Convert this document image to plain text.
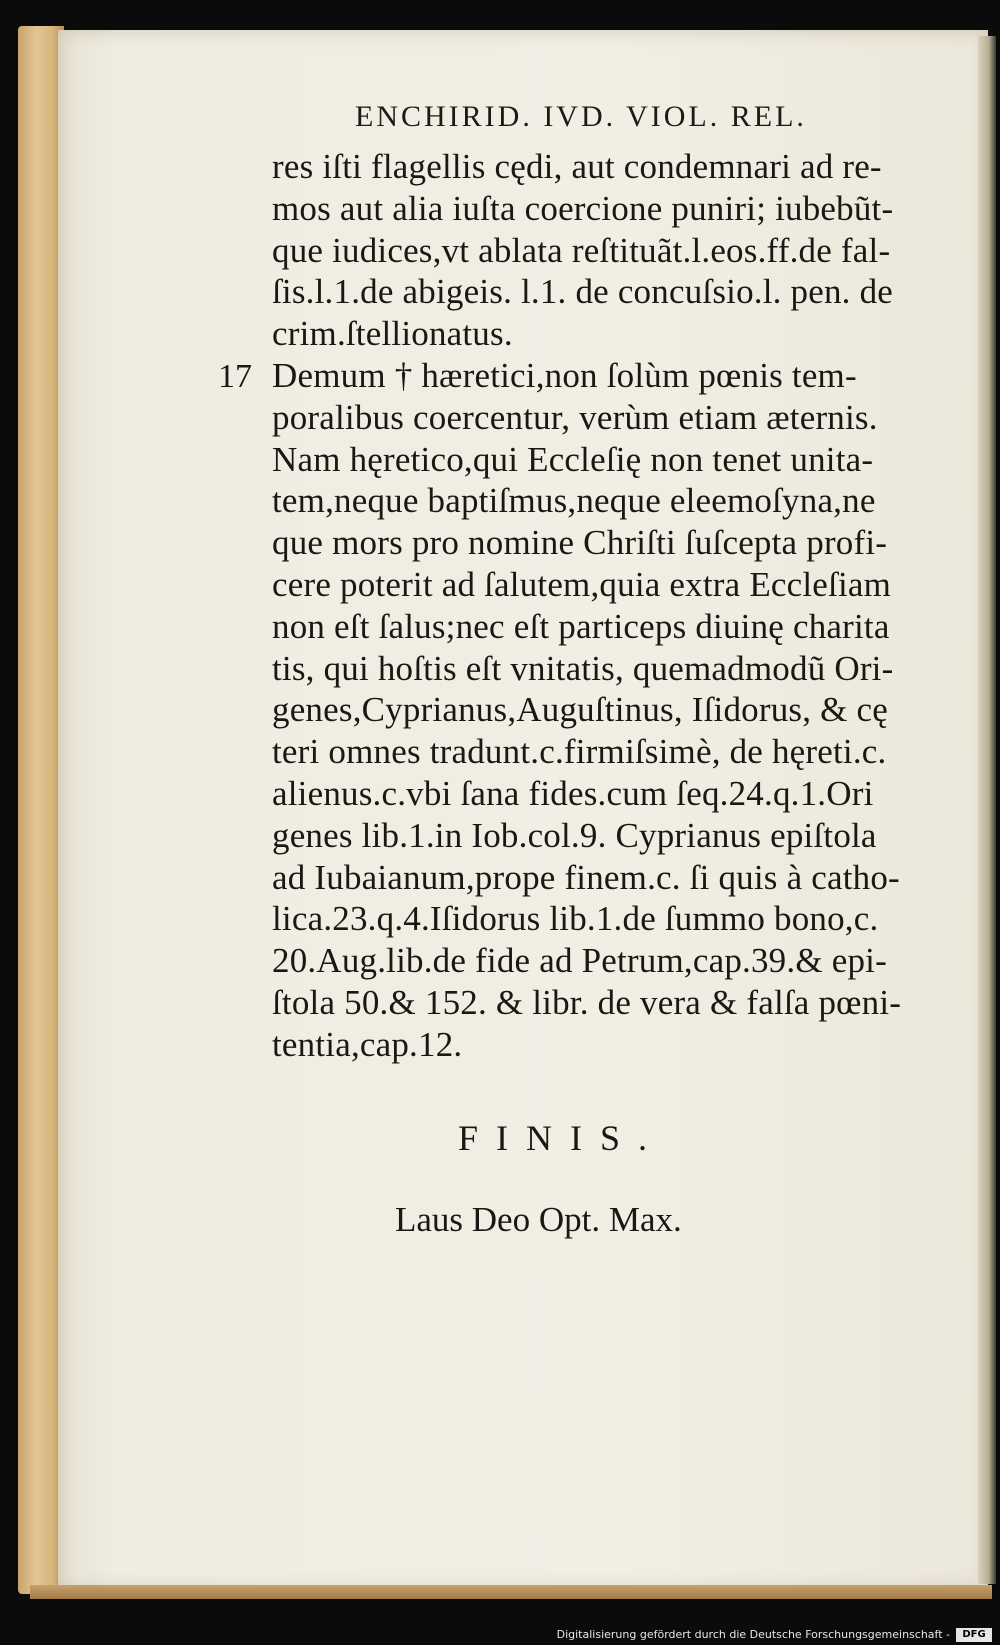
ENCHIRID. IVD. VIOL. REL.
17
res iſti flagellis cędi, aut condemnari ad re-
mos aut alia iuſta coercione puniri; iubebũt-
que iudices,vt ablata reſtituãt.l.eos.ff.de fal-
ſis.l.1.de abigeis. l.1. de concuſsio.l. pen. de
crim.ſtellionatus.
Demum † hæretici,non ſolùm pœnis tem-
poralibus coercentur, verùm etiam æternis.
Nam hęretico,qui Eccleſię non tenet unita-
tem,neque baptiſmus,neque eleemoſyna,ne
que mors pro nomine Chriſti ſuſcepta profi-
cere poterit ad ſalutem,quia extra Eccleſiam
non eſt ſalus;nec eſt particeps diuinę charita
tis, qui hoſtis eſt vnitatis, quemadmodũ Ori-
genes,Cyprianus,Auguſtinus, Iſidorus, & cę
teri omnes tradunt.c.firmiſsimè, de hęreti.c.
alienus.c.vbi ſana fides.cum ſeq.24.q.1.Ori
genes lib.1.in Iob.col.9. Cyprianus epiſtola
ad Iubaianum,prope finem.c. ſi quis à catho-
lica.23.q.4.Iſidorus lib.1.de ſummo bono,c.
20.Aug.lib.de fide ad Petrum,cap.39.& epi-
ſtola 50.& 152. & libr. de vera & falſa pœni-
tentia,cap.12.
FINIS.
Laus Deo Opt. Max.
Digitalisierung gefördert durch die Deutsche Forschungsgemeinschaft -	DFG
